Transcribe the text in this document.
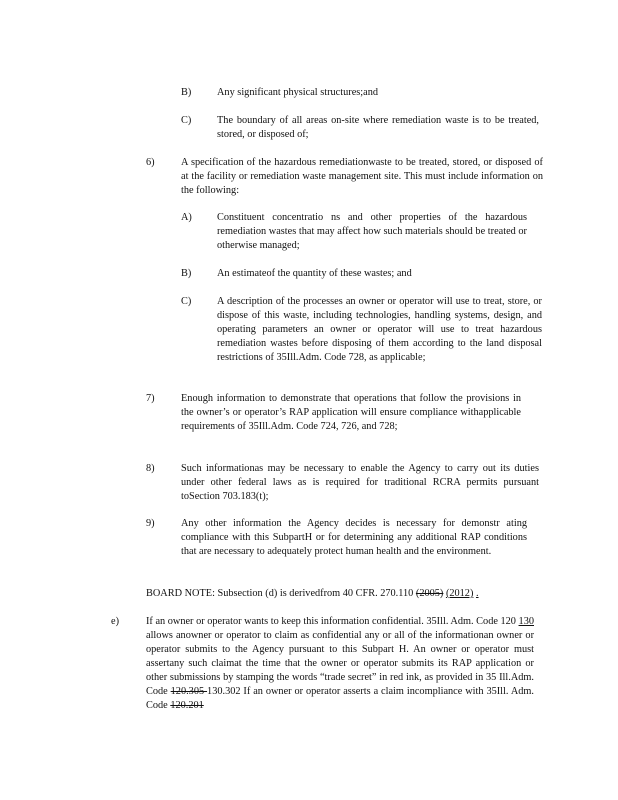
B) Any significant physical structures;and

C) The boundary of all areas on-site where remediation waste is to be treated, stored, or disposed of;

6)	A specification of the hazardous remediationwaste to be treated, stored, or disposed of at the facility or remediation waste management site. This must include information on the following:

A) Constituent concentratio ns and other properties of the hazardous remediation wastes that may affect how such materials should be treated or otherwise managed;

B) An estimateof the quantity of these wastes; and

C) A description of the processes an owner or operator will use to treat, store, or dispose of this waste, including technologies, handling systems, design, and operating parameters an owner or operator will use to treat hazardous remediation wastes before disposing of them according to the land disposal restrictions of 35Ill.Adm. Code 728, as applicable;

7)	Enough information to demonstrate that operations that follow the provisions in the owner’s or operator’s RAP application will ensure compliance withapplicable requirements of 35Ill.Adm. Code 724, 726, and 728;

8)	Such informationas may be necessary to enable the Agency to carry out its duties under other federal laws as is required for traditional RCRA permits pursuant toSection 703.183(t);

9)	Any other information the Agency decides is necessary for demonstr ating compliance with this SubpartH or for determining any additional RAP conditions that are necessary to adequately protect human health and the environment.

BOARD NOTE: Subsection (d) is derivedfrom 40 CFR. 270.110 (2005) (2012) .

e)	If an owner or operator wants to keep this information confidential. 35Ill. Adm. Code 120 130 allows anowner or operator to claim as confidential any or all of the informationan owner or operator submits to the Agency pursuant to this Subpart H. An owner or operator must assertany such claimat the time that the owner or operator submits its RAP application or other submissions by stamping the words “trade secret” in red ink, as provided in 35 Ill.Adm. Code 120.305 130.302 If an owner or operator asserts a claim incompliance with 35Ill. Adm. Code 120.201
